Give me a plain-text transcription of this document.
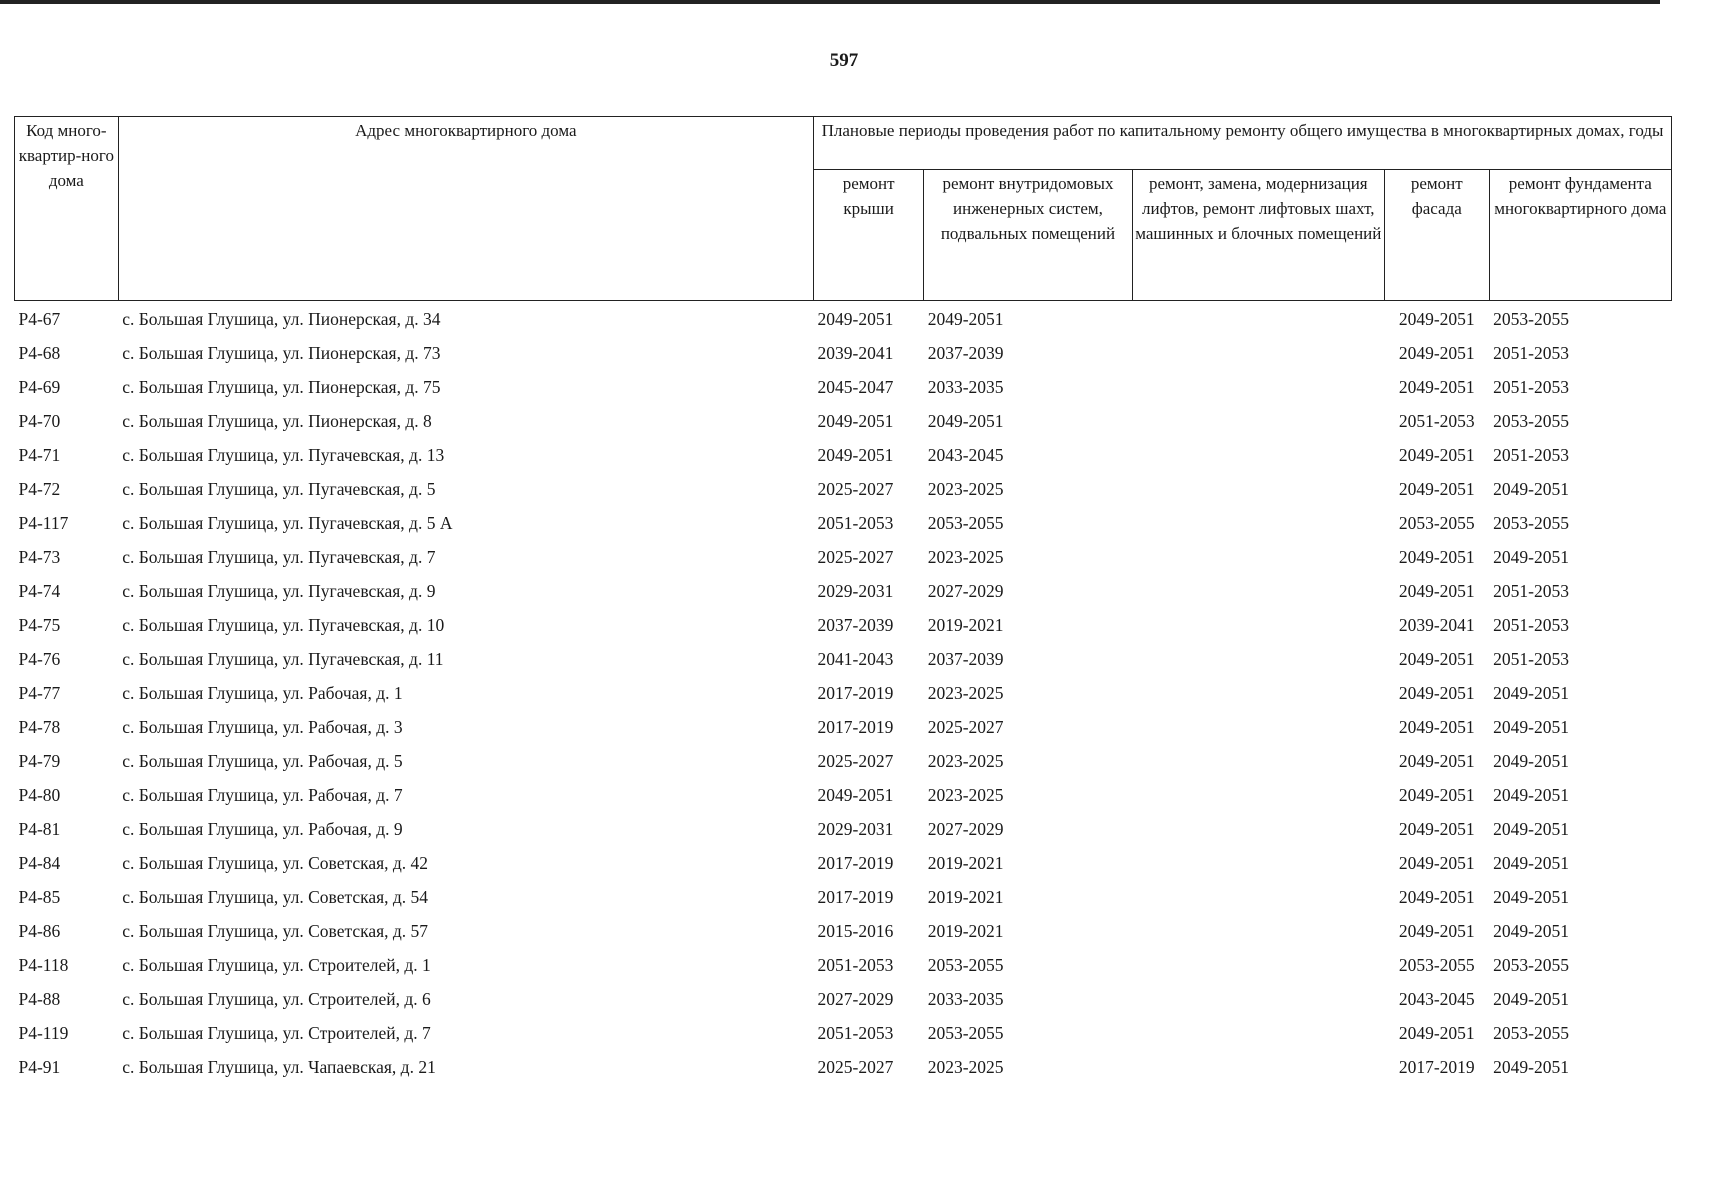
597
Код много-квартир-ного дома	Адрес многоквартирного дома	Плановые периоды проведения работ по капитальному ремонту общего имущества в многоквартирных домах, годы				
		ремонт крыши	ремонт внутридомовых инженерных систем, подвальных помещений	ремонт, замена, модернизация лифтов, ремонт лифтовых шахт, машинных и блочных помещений	ремонт фасада	ремонт фундамента многоквартирного дома
Р4-67	с. Большая Глушица, ул. Пионерская, д. 34	2049-2051	2049-2051		2049-2051	2053-2055
Р4-68	с. Большая Глушица, ул. Пионерская, д. 73	2039-2041	2037-2039		2049-2051	2051-2053
Р4-69	с. Большая Глушица, ул. Пионерская, д. 75	2045-2047	2033-2035		2049-2051	2051-2053
Р4-70	с. Большая Глушица, ул. Пионерская, д. 8	2049-2051	2049-2051		2051-2053	2053-2055
Р4-71	с. Большая Глушица, ул. Пугачевская, д. 13	2049-2051	2043-2045		2049-2051	2051-2053
Р4-72	с. Большая Глушица, ул. Пугачевская, д. 5	2025-2027	2023-2025		2049-2051	2049-2051
Р4-117	с. Большая Глушица, ул. Пугачевская, д. 5 А	2051-2053	2053-2055		2053-2055	2053-2055
Р4-73	с. Большая Глушица, ул. Пугачевская, д. 7	2025-2027	2023-2025		2049-2051	2049-2051
Р4-74	с. Большая Глушица, ул. Пугачевская, д. 9	2029-2031	2027-2029		2049-2051	2051-2053
Р4-75	с. Большая Глушица, ул. Пугачевская, д. 10	2037-2039	2019-2021		2039-2041	2051-2053
Р4-76	с. Большая Глушица, ул. Пугачевская, д. 11	2041-2043	2037-2039		2049-2051	2051-2053
Р4-77	с. Большая Глушица, ул. Рабочая, д. 1	2017-2019	2023-2025		2049-2051	2049-2051
Р4-78	с. Большая Глушица, ул. Рабочая, д. 3	2017-2019	2025-2027		2049-2051	2049-2051
Р4-79	с. Большая Глушица, ул. Рабочая, д. 5	2025-2027	2023-2025		2049-2051	2049-2051
Р4-80	с. Большая Глушица, ул. Рабочая, д. 7	2049-2051	2023-2025		2049-2051	2049-2051
Р4-81	с. Большая Глушица, ул. Рабочая, д. 9	2029-2031	2027-2029		2049-2051	2049-2051
Р4-84	с. Большая Глушица, ул. Советская, д. 42	2017-2019	2019-2021		2049-2051	2049-2051
Р4-85	с. Большая Глушица, ул. Советская, д. 54	2017-2019	2019-2021		2049-2051	2049-2051
Р4-86	с. Большая Глушица, ул. Советская, д. 57	2015-2016	2019-2021		2049-2051	2049-2051
Р4-118	с. Большая Глушица, ул. Строителей, д. 1	2051-2053	2053-2055		2053-2055	2053-2055
Р4-88	с. Большая Глушица, ул. Строителей, д. 6	2027-2029	2033-2035		2043-2045	2049-2051
Р4-119	с. Большая Глушица, ул. Строителей, д. 7	2051-2053	2053-2055		2049-2051	2053-2055
Р4-91	с. Большая Глушица, ул. Чапаевская, д. 21	2025-2027	2023-2025		2017-2019	2049-2051
